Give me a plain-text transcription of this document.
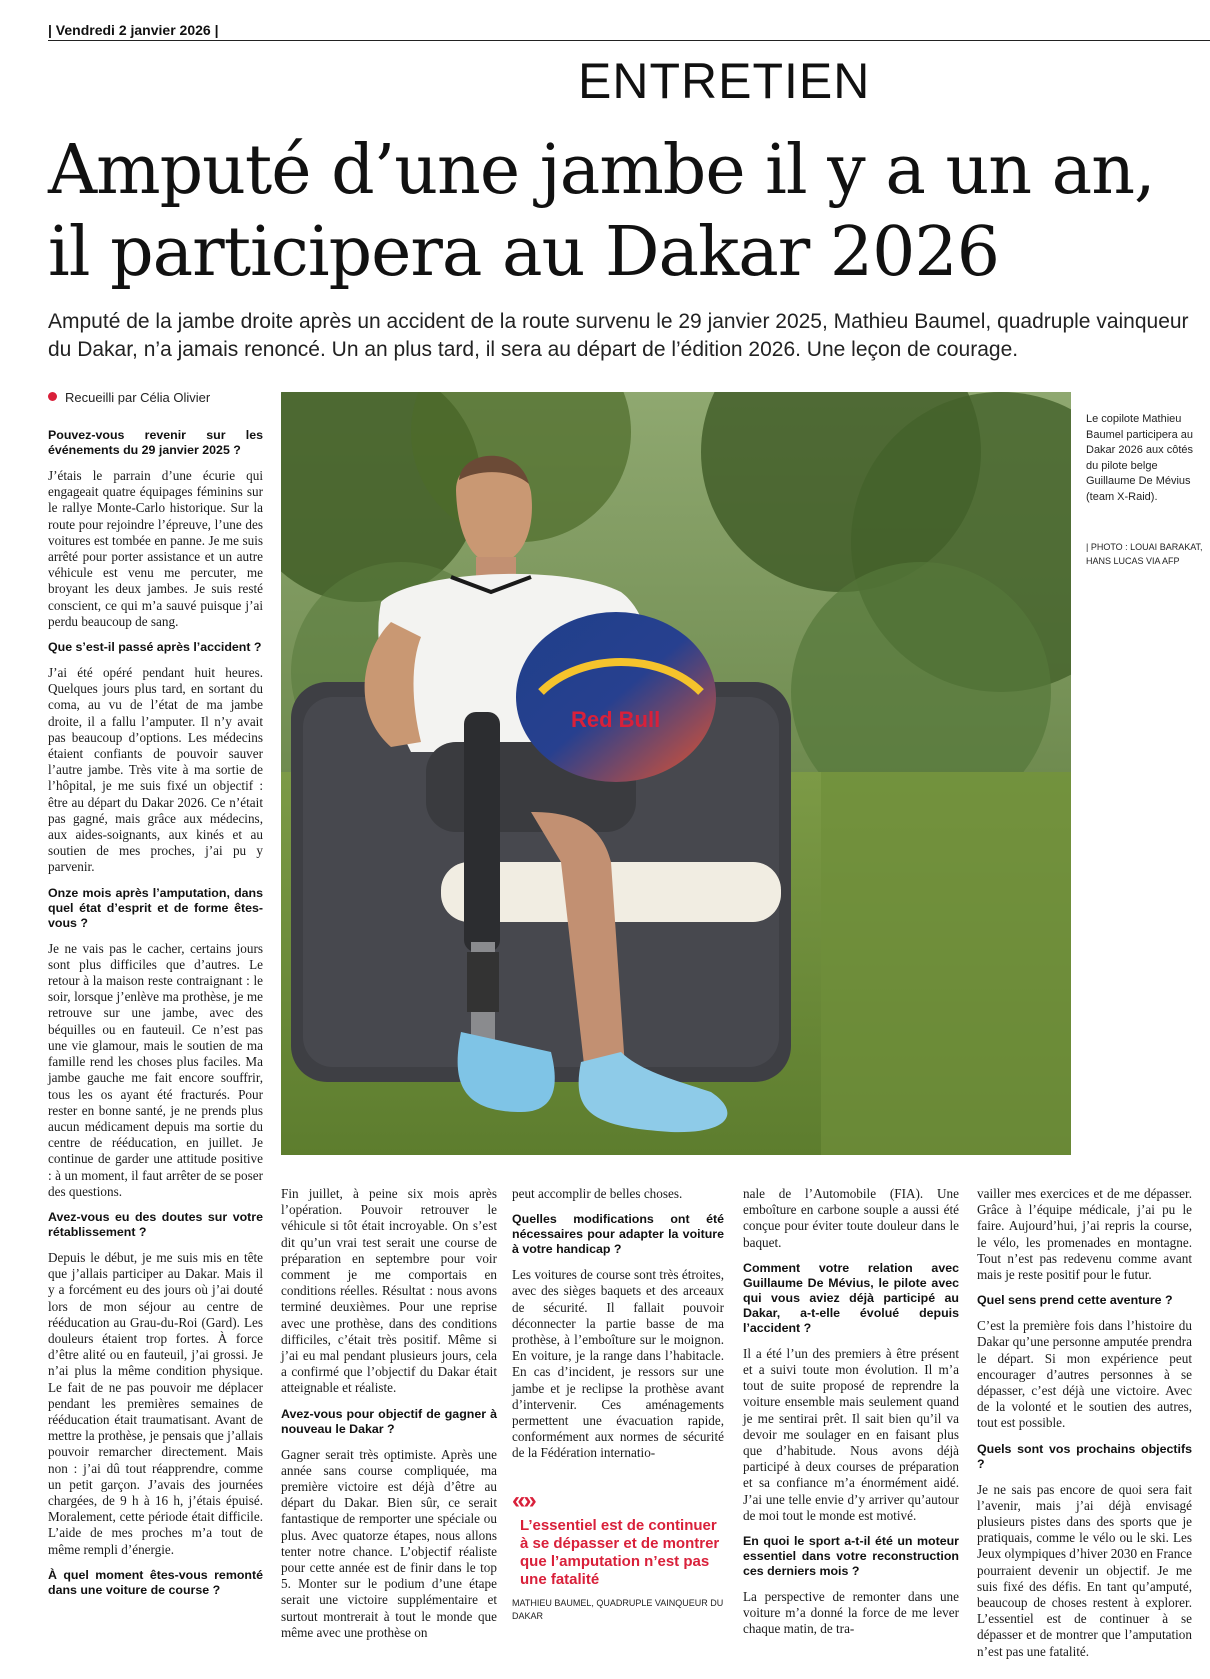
| Vendredi 2 janvier 2026 |
ENTRETIEN
Amputé d’une jambe il y a un an,
il participera au Dakar 2026
Amputé de la jambe droite après un accident de la route survenu le 29 janvier 2025, Mathieu Baumel, quadruple vainqueur du Dakar, n’a jamais renoncé. Un an plus tard, il sera au départ de l’édition 2026. Une leçon de courage.
Recueilli par Célia Olivier

Pouvez-vous revenir sur les événements du 29 janvier 2025 ?

J’étais le parrain d’une écurie qui engageait quatre équipages féminins sur le rallye Monte-Carlo historique. Sur la route pour rejoindre l’épreuve, l’une des voitures est tombée en panne. Je me suis arrêté pour porter assistance et un autre véhicule est venu me percuter, me broyant les deux jambes. Je suis resté conscient, ce qui m’a sauvé puisque j’ai perdu beaucoup de sang.

Que s’est-il passé après l’accident ?

J’ai été opéré pendant huit heures. Quelques jours plus tard, en sortant du coma, au vu de l’état de ma jambe droite, il a fallu l’amputer. Il n’y avait pas beaucoup d’options. Les médecins étaient confiants de pouvoir sauver l’autre jambe. Très vite à ma sortie de l’hôpital, je me suis fixé un objectif : être au départ du Dakar 2026. Ce n’était pas gagné, mais grâce aux médecins, aux aides-soignants, aux kinés et au soutien de mes proches, j’ai pu y parvenir.

Onze mois après l’amputation, dans quel état d’esprit et de forme êtes-vous ?

Je ne vais pas le cacher, certains jours sont plus difficiles que d’autres. Le retour à la maison reste contraignant : le soir, lorsque j’enlève ma prothèse, je me retrouve sur une jambe, avec des béquilles ou en fauteuil. Ce n’est pas une vie glamour, mais le soutien de ma famille rend les choses plus faciles. Ma jambe gauche me fait encore souffrir, tous les os ayant été fracturés. Pour rester en bonne santé, je ne prends plus aucun médicament depuis ma sortie du centre de rééducation, en juillet. Je continue de garder une attitude positive : à un moment, il faut arrêter de se poser des questions.

Avez-vous eu des doutes sur votre rétablissement ?

Depuis le début, je me suis mis en tête que j’allais participer au Dakar. Mais il y a forcément eu des jours où j’ai douté lors de mon séjour au centre de rééducation au Grau-du-Roi (Gard). Les douleurs étaient trop fortes. À force d’être alité ou en fauteuil, j’ai grossi. Je n’ai plus la même condition physique. Le fait de ne pas pouvoir me déplacer pendant les premières semaines de rééducation était traumatisant. Avant de mettre la prothèse, je pensais que j’allais pouvoir remarcher directement. Mais non : j’ai dû tout réapprendre, comme un petit garçon. J’avais des journées chargées, de 9 h à 16 h, j’étais épuisé. Moralement, cette période était difficile. L’aide de mes proches m’a tout de même rempli d’énergie.

À quel moment êtes-vous remonté dans une voiture de course ?

Red Bull
Le copilote Mathieu Baumel participera au Dakar 2026 aux côtés du pilote belge Guillaume De Mévius (team X-Raid).
| PHOTO : LOUAI BARAKAT, HANS LUCAS VIA AFP

Fin juillet, à peine six mois après l’opération. Pouvoir retrouver le véhicule si tôt était incroyable. On s’est dit qu’un vrai test serait une course de préparation en septembre pour voir comment je me comportais en conditions réelles. Résultat : nous avons terminé deuxièmes. Pour une reprise avec une prothèse, dans des conditions difficiles, c’était très positif. Même si j’ai eu mal pendant plusieurs jours, cela a confirmé que l’objectif du Dakar était atteignable et réaliste.

Avez-vous pour objectif de gagner à nouveau le Dakar ?

Gagner serait très optimiste. Après une année sans course compliquée, ma première victoire est déjà d’être au départ du Dakar. Bien sûr, ce serait fantastique de remporter une spéciale ou plus. Avec quatorze étapes, nous allons tenter notre chance. L’objectif réaliste pour cette année est de finir dans le top 5. Monter sur le podium d’une étape serait une victoire supplémentaire et surtout montrerait à tout le monde que même avec une prothèse on

peut accomplir de belles choses.

Quelles modifications ont été nécessaires pour adapter la voiture à votre handicap ?

Les voitures de course sont très étroites, avec des sièges baquets et des arceaux de sécurité. Il fallait pouvoir déconnecter la partie basse de ma prothèse, à l’emboîture sur le moignon. En voiture, je la range dans l’habitacle. En cas d’incident, je ressors sur une jambe et je reclipse la prothèse avant d’intervenir. Ces aménagements permettent une évacuation rapide, conformément aux normes de sécurité de la Fédération internatio-

«»
L’essentiel est de continuer à se dépasser et de montrer que l’amputation n’est pas une fatalité
MATHIEU BAUMEL, QUADRUPLE VAINQUEUR DU DAKAR

nale de l’Automobile (FIA). Une emboîture en carbone souple a aussi été conçue pour éviter toute douleur dans le baquet.

Comment votre relation avec Guillaume De Mévius, le pilote avec qui vous aviez déjà participé au Dakar, a-t-elle évolué depuis l’accident ?

Il a été l’un des premiers à être présent et a suivi toute mon évolution. Il m’a tout de suite proposé de reprendre la voiture ensemble mais seulement quand je me sentirai prêt. Il sait bien qu’il va devoir me soulager en en faisant plus que d’habitude. Nous avons déjà participé à deux courses de préparation et sa confiance m’a énormément aidé. J’ai une telle envie d’y arriver qu’autour de moi tout le monde est motivé.

En quoi le sport a-t-il été un moteur essentiel dans votre reconstruction ces derniers mois ?

La perspective de remonter dans une voiture m’a donné la force de me lever chaque matin, de tra-

vailler mes exercices et de me dépasser. Grâce à l’équipe médicale, j’ai pu le faire. Aujourd’hui, j’ai repris la course, le vélo, les promenades en montagne. Tout n’est pas redevenu comme avant mais je reste positif pour le futur.

Quel sens prend cette aventure ?

C’est la première fois dans l’histoire du Dakar qu’une personne amputée prendra le départ. Si mon expérience peut encourager d’autres personnes à se dépasser, c’est déjà une victoire. Avec de la volonté et le soutien des autres, tout est possible.

Quels sont vos prochains objectifs ?

Je ne sais pas encore de quoi sera fait l’avenir, mais j’ai déjà envisagé plusieurs pistes dans des sports que je pratiquais, comme le vélo ou le ski. Les Jeux olympiques d’hiver 2030 en France pourraient devenir un objectif. Je me suis fixé des défis. En tant qu’amputé, beaucoup de choses restent à explorer. L’essentiel est de continuer à se dépasser et de montrer que l’amputation n’est pas une fatalité.
